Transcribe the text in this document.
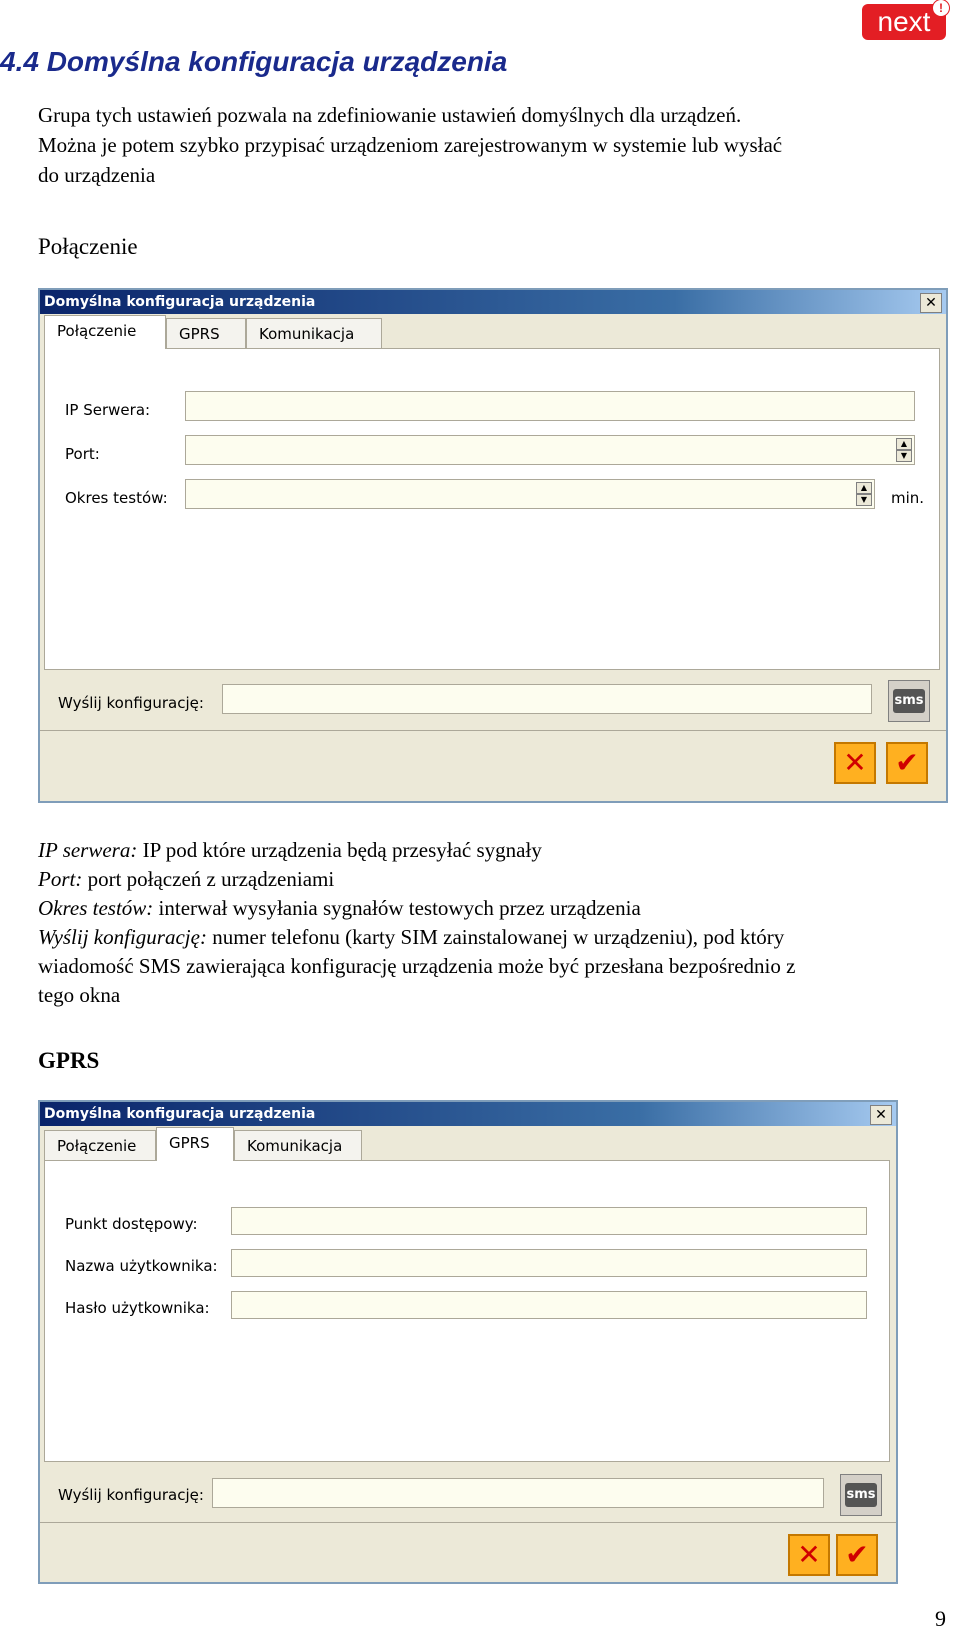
next !
4.4 Domyślna konfiguracja urządzenia
Grupa tych ustawień pozwala na zdefiniowanie ustawień domyślnych dla urządzeń.
Można je potem szybko przypisać urządzeniom zarejestrowanym w systemie lub wysłać
do urządzenia
Połączenie
Domyślna konfiguracja urządzenia	✕
Połączenie	GPRS	Komunikacja
IP Serwera:
Port:
▲
▼
Okres testów:
▲
▼	min.
Wyślij konfigurację:	sms
✕	✔
IP serwera: IP pod które urządzenia będą przesyłać sygnały
Port: port połączeń z urządzeniami
Okres testów: interwał wysyłania sygnałów testowych przez urządzenia
Wyślij konfigurację: numer telefonu (karty SIM zainstalowanej w urządzeniu), pod który
wiadomość SMS zawierająca konfigurację urządzenia może być przesłana bezpośrednio z
tego okna
GPRS
Domyślna konfiguracja urządzenia	✕
Połączenie	GPRS	Komunikacja
Punkt dostępowy:
Nazwa użytkownika:
Hasło użytkownika:
Wyślij konfigurację:	sms
✕ ✔
9
